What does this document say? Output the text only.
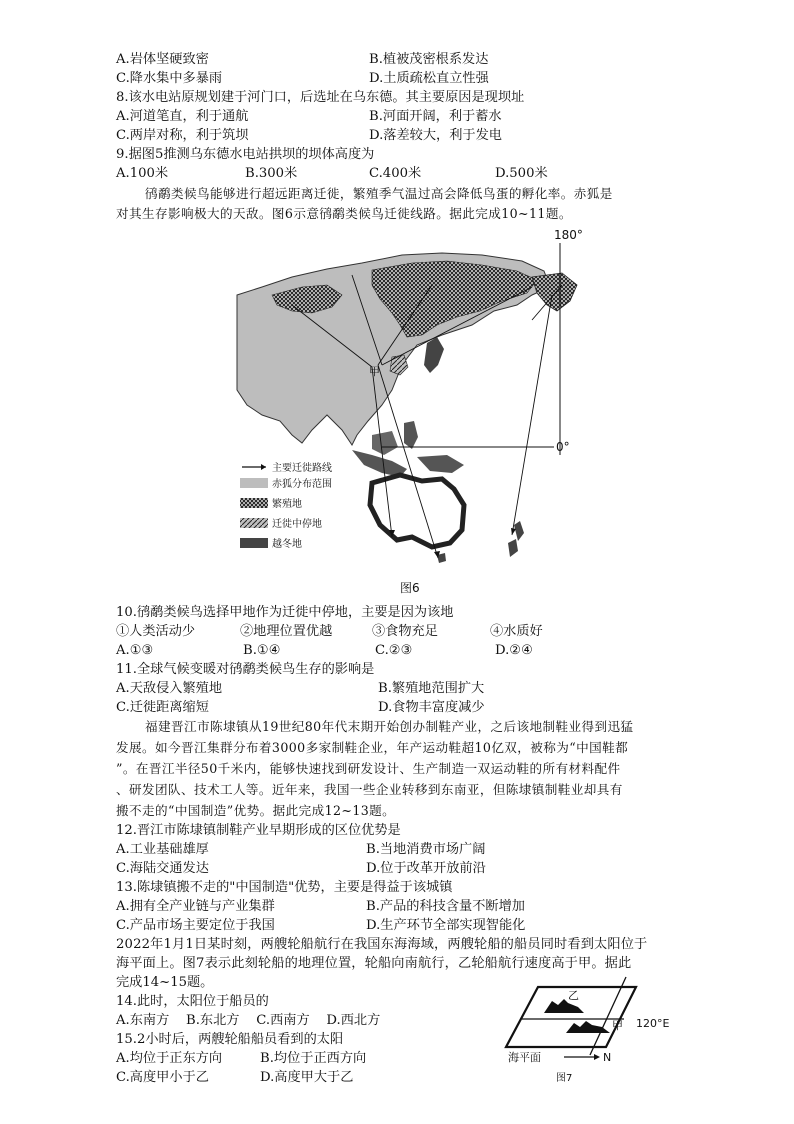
A.岩体坚硬致密	B.植被茂密根系发达
C.降水集中多暴雨	D.土质疏松直立性强
8.该水电站原规划建于河门口，后选址在乌东德。其主要原因是现坝址
A.河道笔直，利于通航	B.河面开阔，利于蓄水
C.两岸对称，利于筑坝	D.落差较大，利于发电
9.据图5推测乌东德水电站拱坝的坝体高度为
A.100米	B.300米	C.400米	D.500米
鸻鹬类候鸟能够进行超远距离迁徙，繁殖季气温过高会降低鸟蛋的孵化率。赤狐是
对其生存影响极大的天敌。图6示意鸻鹬类候鸟迁徙线路。据此完成10~11题。
180°
0°
甲
主要迁徙路线
赤狐分布范围
繁殖地
迁徙中停地
越冬地
图6
10.鸻鹬类候鸟选择甲地作为迁徙中停地，主要是因为该地
①人类活动少	②地理位置优越	③食物充足	④水质好
A.①③	B.①④	C.②③	D.②④
11.全球气候变暖对鸻鹬类候鸟生存的影响是
A.天敌侵入繁殖地	B.繁殖地范围扩大
C.迁徙距离缩短	D.食物丰富度减少
福建晋江市陈埭镇从19世纪80年代末期开始创办制鞋产业，之后该地制鞋业得到迅猛
发展。如今晋江集群分布着3000多家制鞋企业，年产运动鞋超10亿双，被称为“中国鞋都
”。在晋江半径50千米内，能够快速找到研发设计、生产制造一双运动鞋的所有材料配件
、研发团队、技术工人等。近年来，我国一些企业转移到东南亚，但陈埭镇制鞋业却具有
搬不走的“中国制造”优势。据此完成12~13题。
12.晋江市陈埭镇制鞋产业早期形成的区位优势是
A.工业基础雄厚	B.当地消费市场广阔
C.海陆交通发达	D.位于改革开放前沿
13.陈埭镇搬不走的"中国制造"优势，主要是得益于该城镇
A.拥有全产业链与产业集群	B.产品的科技含量不断增加
C.产品市场主要定位于我国	D.生产环节全部实现智能化
2022年1月1日某时刻，两艘轮船航行在我国东海海域，两艘轮船的船员同时看到太阳位于
海平面上。图7表示此刻轮船的地理位置，轮船向南航行，乙轮船航行速度高于甲。据此
完成14~15题。
14.此时，太阳位于船员的
A.东南方    B.东北方    C.西南方    D.西北方
15.2小时后，两艘轮船船员看到的太阳
A.均位于正东方向	B.均位于正西方向
C.高度甲小于乙	D.高度甲大于乙
乙
甲 120°E
海平面	N
图7
